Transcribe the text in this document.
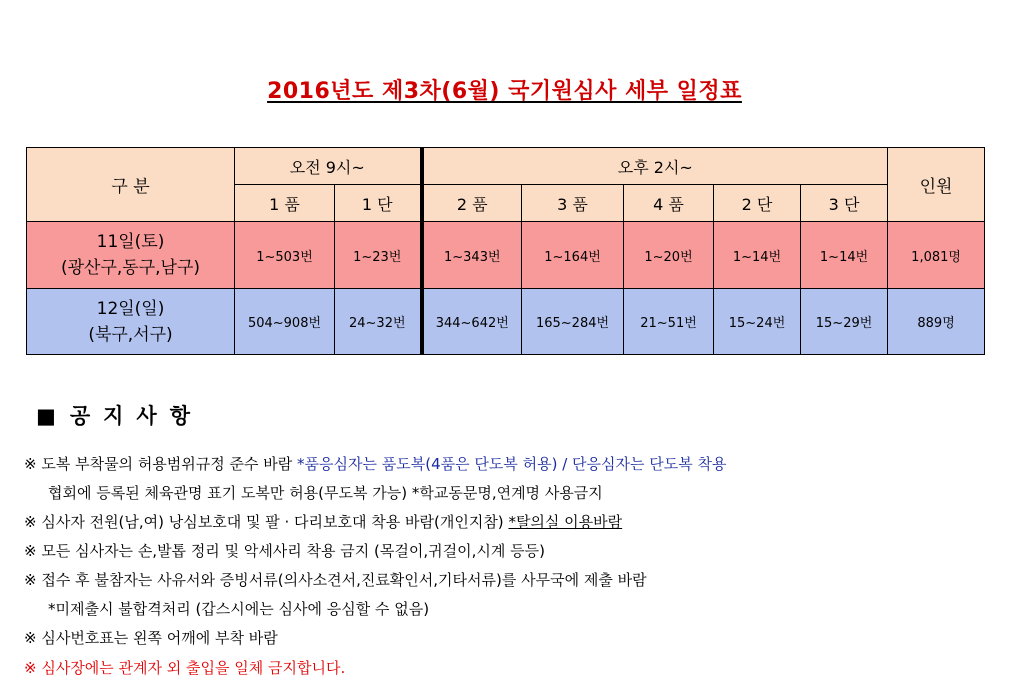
2016년도 제3차(6월) 국기원심사 세부 일정표
구 분	오전 9시~		오후 2시~					인원
	1 품	1 단	2 품	3 품	4 품	2 단	3 단	

11일(토)
(광산구,동구,남구)	1~503번	1~23번	1~343번	1~164번	1~20번	1~14번	1~14번	1,081명

12일(일)
(북구,서구)	504~908번	24~32번	344~642번	165~284번	21~51번	15~24번	15~29번	889명
■ 공지사항
※ 도복 부착물의 허용범위규정 준수 바람 *품응심자는 품도복(4품은 단도복 허용) / 단응심자는 단도복 착용
협회에 등록된 체육관명 표기 도복만 허용(무도복 가능) *학교동문명,연계명 사용금지
※ 심사자 전원(남,여) 낭심보호대 및 팔 · 다리보호대 착용 바람(개인지참) *탈의실 이용바람
※ 모든 심사자는 손,발톱 정리 및 악세사리 착용 금지 (목걸이,귀걸이,시계 등등)
※ 접수 후 불참자는 사유서와 증빙서류(의사소견서,진료확인서,기타서류)를 사무국에 제출 바람
*미제출시 불합격처리 (갑스시에는 심사에 응심할 수 없음)
※ 심사번호표는 왼쪽 어깨에 부착 바람
※ 심사장에는 관계자 외 출입을 일체 금지합니다.
